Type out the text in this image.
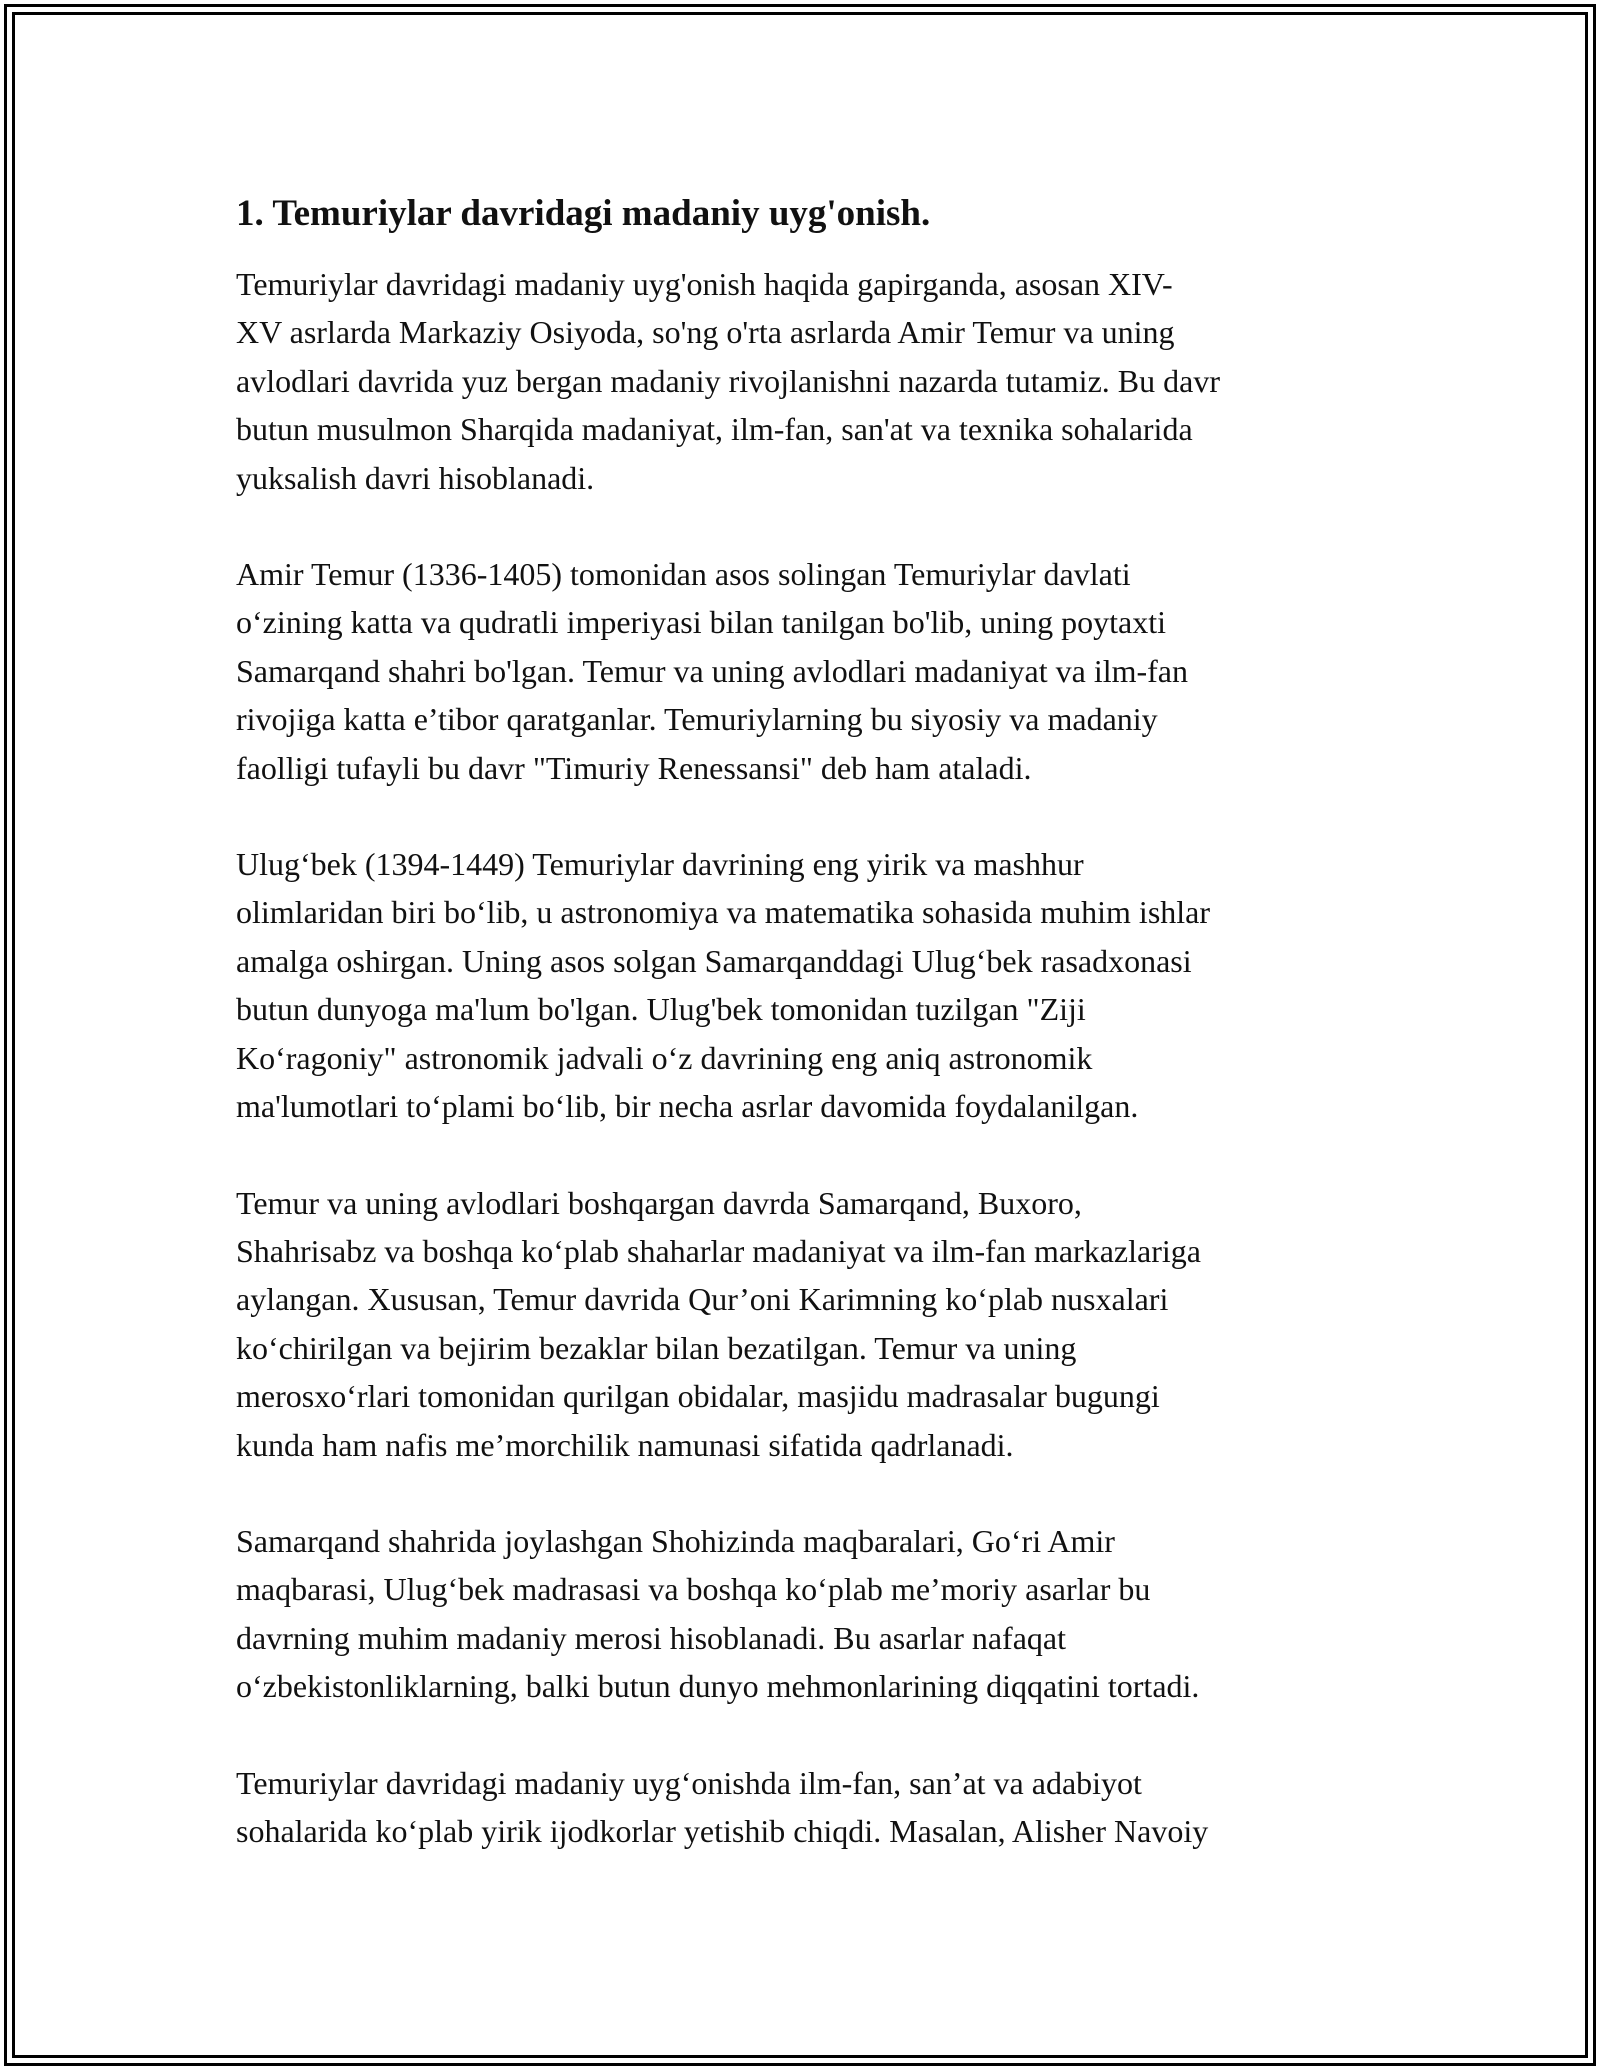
1. Temuriylar davridagi madaniy uyg'onish.

Temuriylar davridagi madaniy uyg'onish haqida gapirganda, asosan XIV-
XV asrlarda Markaziy Osiyoda, so'ng o'rta asrlarda Amir Temur va uning
avlodlari davrida yuz bergan madaniy rivojlanishni nazarda tutamiz. Bu davr
butun musulmon Sharqida madaniyat, ilm-fan, san'at va texnika sohalarida
yuksalish davri hisoblanadi.

Amir Temur (1336-1405) tomonidan asos solingan Temuriylar davlati
o‘zining katta va qudratli imperiyasi bilan tanilgan bo'lib, uning poytaxti
Samarqand shahri bo'lgan. Temur va uning avlodlari madaniyat va ilm-fan
rivojiga katta e’tibor qaratganlar. Temuriylarning bu siyosiy va madaniy
faolligi tufayli bu davr "Timuriy Renessansi" deb ham ataladi.

Ulug‘bek (1394-1449) Temuriylar davrining eng yirik va mashhur
olimlaridan biri bo‘lib, u astronomiya va matematika sohasida muhim ishlar
amalga oshirgan. Uning asos solgan Samarqanddagi Ulug‘bek rasadxonasi
butun dunyoga ma'lum bo'lgan. Ulug'bek tomonidan tuzilgan "Ziji
Ko‘ragoniy" astronomik jadvali o‘z davrining eng aniq astronomik
ma'lumotlari to‘plami bo‘lib, bir necha asrlar davomida foydalanilgan.

Temur va uning avlodlari boshqargan davrda Samarqand, Buxoro,
Shahrisabz va boshqa ko‘plab shaharlar madaniyat va ilm-fan markazlariga
aylangan. Xususan, Temur davrida Qur’oni Karimning ko‘plab nusxalari
ko‘chirilgan va bejirim bezaklar bilan bezatilgan. Temur va uning
merosxo‘rlari tomonidan qurilgan obidalar, masjidu madrasalar bugungi
kunda ham nafis me’morchilik namunasi sifatida qadrlanadi.

Samarqand shahrida joylashgan Shohizinda maqbaralari, Go‘ri Amir
maqbarasi, Ulug‘bek madrasasi va boshqa ko‘plab me’moriy asarlar bu
davrning muhim madaniy merosi hisoblanadi. Bu asarlar nafaqat
o‘zbekistonliklarning, balki butun dunyo mehmonlarining diqqatini tortadi.

Temuriylar davridagi madaniy uyg‘onishda ilm-fan, san’at va adabiyot
sohalarida ko‘plab yirik ijodkorlar yetishib chiqdi. Masalan, Alisher Navoiy
